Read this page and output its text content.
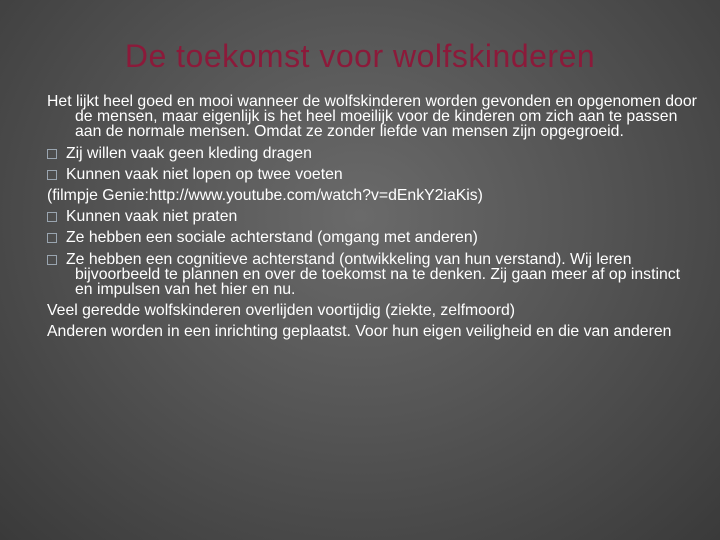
De toekomst voor wolfskinderen

Het lijkt heel goed en mooi wanneer de wolfskinderen worden gevonden en opgenomen door de mensen, maar eigenlijk is het heel moeilijk voor de kinderen om zich aan te passen aan de normale mensen. Omdat ze zonder liefde van mensen zijn opgegroeid.

Zij willen vaak geen kleding dragen

Kunnen vaak niet lopen op twee voeten

(filmpje Genie:http://www.youtube.com/watch?v=dEnkY2iaKis)

Kunnen vaak niet praten

Ze hebben een sociale achterstand (omgang met anderen)

Ze hebben een cognitieve achterstand (ontwikkeling van hun verstand). Wij leren bijvoorbeeld te plannen en over de toekomst na te denken. Zij gaan meer af op instinct en impulsen van het hier en nu.

Veel geredde wolfskinderen overlijden voortijdig (ziekte, zelfmoord)

Anderen worden in een inrichting geplaatst. Voor hun eigen veiligheid en die van anderen
